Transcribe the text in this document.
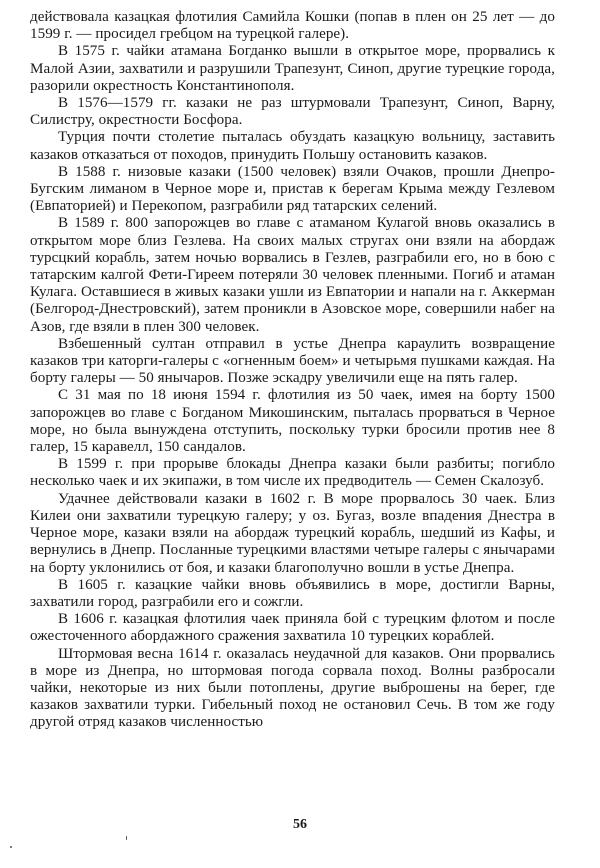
действовала казацкая флотилия Самийла Кошки (попав в плен он 25 лет — до 1599 г. — просидел гребцом на турецкой галере).

В 1575 г. чайки атамана Богданко вышли в открытое море, прорвались к Малой Азии, захватили и разрушили Трапезунт, Синоп, другие турецкие города, разорили окрестность Константинополя.

В 1576—1579 гг. казаки не раз штурмовали Трапезунт, Синоп, Варну, Силистру, окрестности Босфора.

Турция почти столетие пыталась обуздать казацкую вольницу, заставить казаков отказаться от походов, принудить Польшу остановить казаков.

В 1588 г. низовые казаки (1500 человек) взяли Очаков, прошли Днепро-Бугским лиманом в Черное море и, пристав к берегам Крыма между Гезлевом (Евпаторией) и Перекопом, разграбили ряд татарских селений.

В 1589 г. 800 запорожцев во главе с атаманом Кулагой вновь оказались в открытом море близ Гезлева. На своих малых стругах они взяли на абордаж турсцкий корабль, затем ночью ворвались в Гезлев, разграбили его, но в бою с татарским калгой Фети-Гиреем потеряли 30 человек пленными. Погиб и атаман Кулага. Оставшиеся в живых казаки ушли из Евпатории и напали на г. Аккерман (Белгород-Днестровский), затем проникли в Азовское море, совершили набег на Азов, где взяли в плен 300 человек.

Взбешенный султан отправил в устье Днепра караулить возвращение казаков три каторги-галеры с «огненным боем» и четырьмя пушками каждая. На борту галеры — 50 янычаров. Позже эскадру увеличили еще на пять галер.

С 31 мая по 18 июня 1594 г. флотилия из 50 чаек, имея на борту 1500 запорожцев во главе с Богданом Микошинским, пыталась прорваться в Черное море, но была вынуждена отступить, поскольку турки бросили против нее 8 галер, 15 каравелл, 150 сандалов.

В 1599 г. при прорыве блокады Днепра казаки были разбиты; погибло несколько чаек и их экипажи, в том числе их предводитель — Семен Скалозуб.

Удачнее действовали казаки в 1602 г. В море прорвалось 30 чаек. Близ Килеи они захватили турецкую галеру; у оз. Бугаз, возле впадения Днестра в Черное море, казаки взяли на абордаж турецкий корабль, шедший из Кафы, и вернулись в Днепр. Посланные турецкими властями четыре галеры с янычарами на борту уклонились от боя, и казаки благополучно вошли в устье Днепра.

В 1605 г. казацкие чайки вновь объявились в море, достигли Варны, захватили город, разграбили его и сожгли.

В 1606 г. казацкая флотилия чаек приняла бой с турецким флотом и после ожесточенного абордажного сражения захватила 10 турецких кораблей.

Штормовая весна 1614 г. оказалась неудачной для казаков. Они прорвались в море из Днепра, но штормовая погода сорвала поход. Волны разбросали чайки, некоторые из них были потоплены, другие выброшены на берег, где казаков захватили турки. Гибельный поход не остановил Сечь. В том же году другой отряд казаков численностью

56
